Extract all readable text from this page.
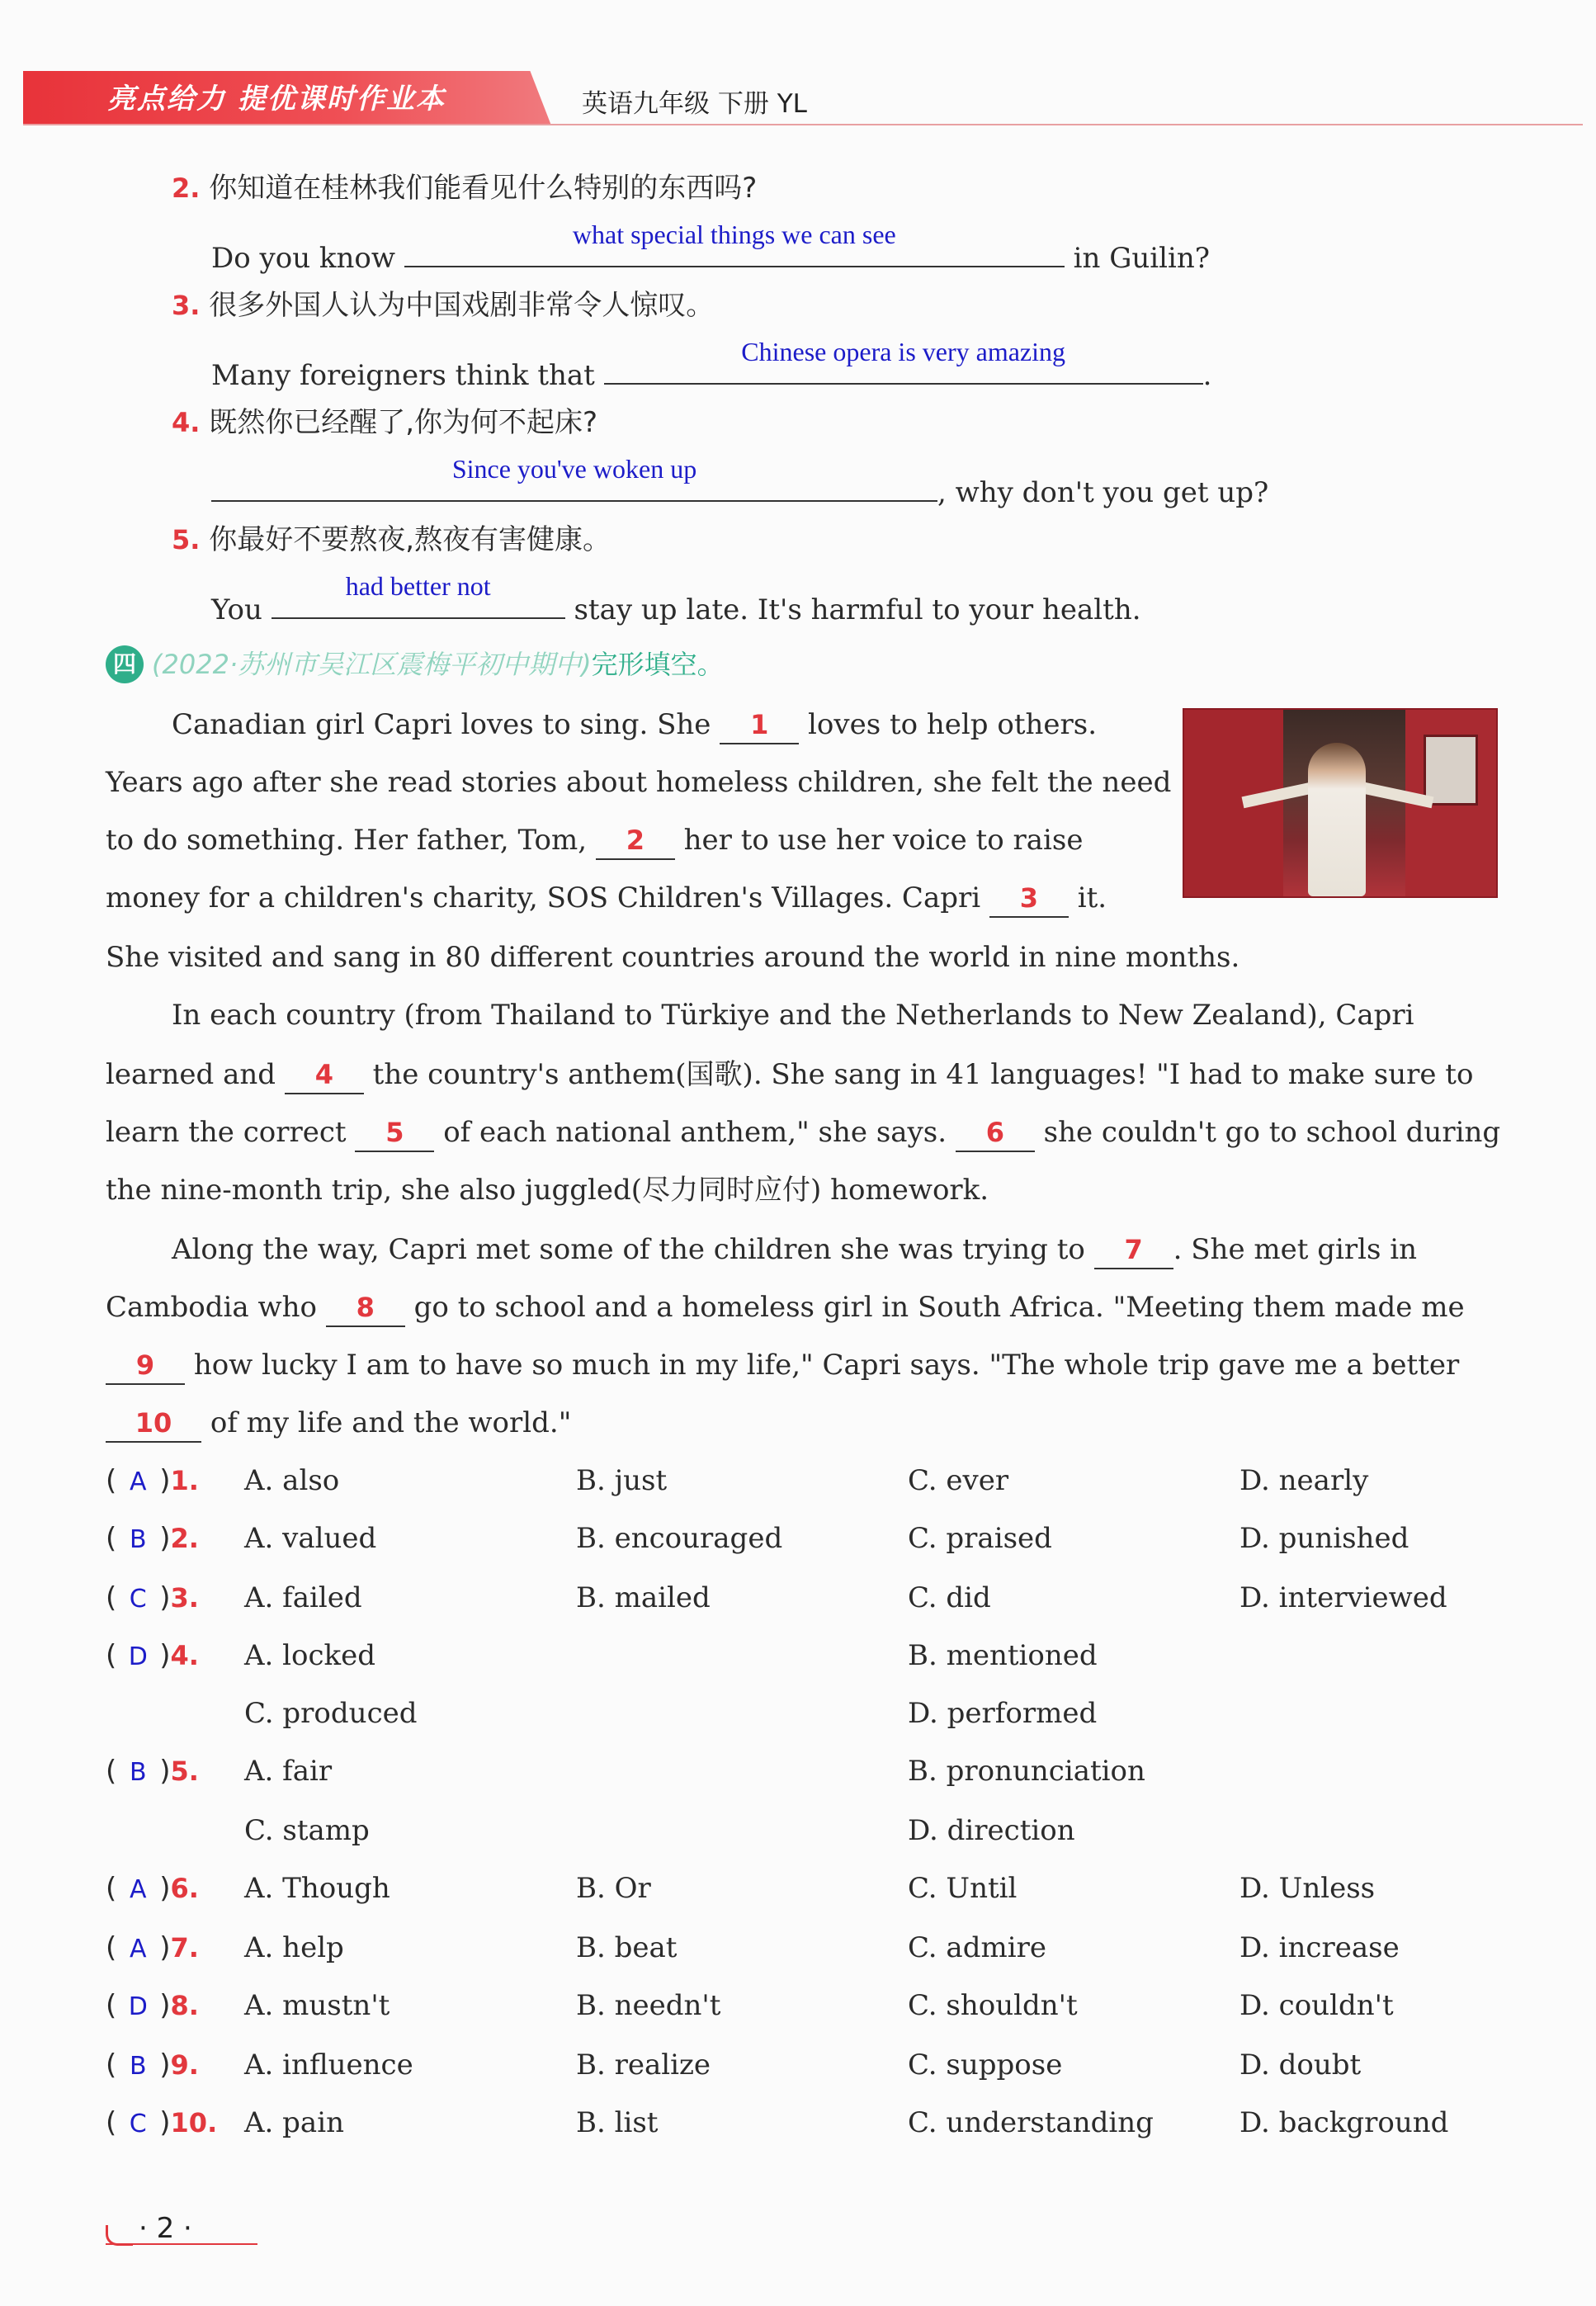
亮点给力 提优课时作业本	英语九年级 下册 YL
2. 你知道在桂林我们能看见什么特别的东西吗?
Do you know
what special things we can see
in Guilin?
3. 很多外国人认为中国戏剧非常令人惊叹。
Many foreigners think that
Chinese opera is very amazing
.
4. 既然你已经醒了,你为何不起床?
Since you've woken up
, why don't you get up?
5. 你最好不要熬夜,熬夜有害健康。
You
had better not
stay up late. It's harmful to your health.
四 (2022·苏州市吴江区震梅平初中期中)完形填空。
Canadian girl Capri loves to sing. She 1 loves to help others.
Years ago after she read stories about homeless children, she felt the need
to do something. Her father, Tom, 2 her to use her voice to raise
money for a children's charity, SOS Children's Villages. Capri 3 it.
She visited and sang in 80 different countries around the world in nine months.
In each country (from Thailand to Türkiye and the Netherlands to New Zealand), Capri
learned and 4 the country's anthem(国歌). She sang in 41 languages! "I had to make sure to
learn the correct 5 of each national anthem," she says. 6 she couldn't go to school during
the nine-month trip, she also juggled(尽力同时应付) homework.
Along the way, Capri met some of the children she was trying to 7 . She met girls in
Cambodia who 8 go to school and a homeless girl in South Africa. "Meeting them made me
9 how lucky I am to have so much in my life," Capri says. "The whole trip gave me a better
10 of my life and the world."
( A )1. A. also	B. just	C. ever	D. nearly
( B )2. A. valued	B. encouraged	C. praised	D. punished
( C )3. A. failed	B. mailed	C. did	D. interviewed
( D )4. A. locked	B. mentioned
C. produced	D. performed
( B )5. A. fair	B. pronunciation
C. stamp	D. direction
( A )6. A. Though	B. Or	C. Until	D. Unless
( A )7. A. help	B. beat	C. admire	D. increase
( D )8. A. mustn't	B. needn't	C. shouldn't	D. couldn't
( B )9. A. influence	B. realize	C. suppose	D. doubt
( C )10. A. pain	B. list	C. understanding	D. background
· 2 ·
